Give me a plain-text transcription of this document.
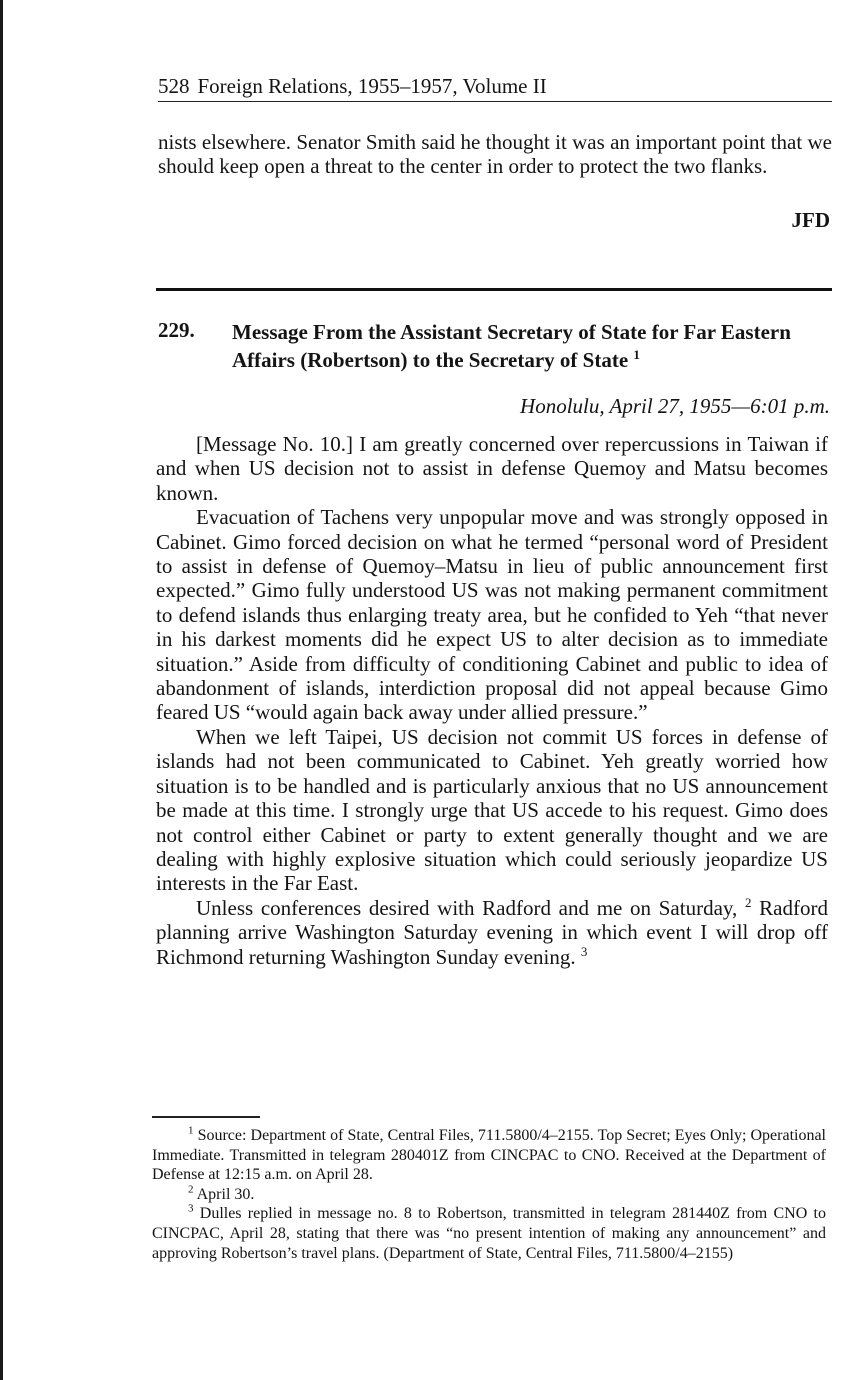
528 Foreign Relations, 1955–1957, Volume II
nists elsewhere. Senator Smith said he thought it was an important point that we should keep open a threat to the center in order to protect the two flanks.
JFD
229. Message From the Assistant Secretary of State for Far Eastern Affairs (Robertson) to the Secretary of State $^1$
Honolulu, April 27, 1955—6:01 p.m.

[Message No. 10.] I am greatly concerned over repercussions in Taiwan if and when US decision not to assist in defense Quemoy and Matsu becomes known.

Evacuation of Tachens very unpopular move and was strongly opposed in Cabinet. Gimo forced decision on what he termed “personal word of President to assist in defense of Quemoy–Matsu in lieu of public announcement first expected.” Gimo fully understood US was not making permanent commitment to defend islands thus enlarging treaty area, but he confided to Yeh “that never in his darkest moments did he expect US to alter decision as to immediate situation.” Aside from difficulty of conditioning Cabinet and public to idea of abandonment of islands, interdiction proposal did not appeal because Gimo feared US “would again back away under allied pressure.”

When we left Taipei, US decision not commit US forces in defense of islands had not been communicated to Cabinet. Yeh greatly worried how situation is to be handled and is particularly anxious that no US announcement be made at this time. I strongly urge that US accede to his request. Gimo does not control either Cabinet or party to extent generally thought and we are dealing with highly explosive situation which could seriously jeopardize US interests in the Far East.

Unless conferences desired with Radford and me on Saturday, $^2$ Radford planning arrive Washington Saturday evening in which event I will drop off Richmond returning Washington Sunday evening. $^3$

$^1$ Source: Department of State, Central Files, 711.5800/4–2155. Top Secret; Eyes Only; Operational Immediate. Transmitted in telegram 280401Z from CINCPAC to CNO. Received at the Department of Defense at 12:15 a.m. on April 28.

$^2$ April 30.

$^3$ Dulles replied in message no. 8 to Robertson, transmitted in telegram 281440Z from CNO to CINCPAC, April 28, stating that there was “no present intention of making any announcement” and approving Robertson’s travel plans. (Department of State, Central Files, 711.5800/4–2155)
